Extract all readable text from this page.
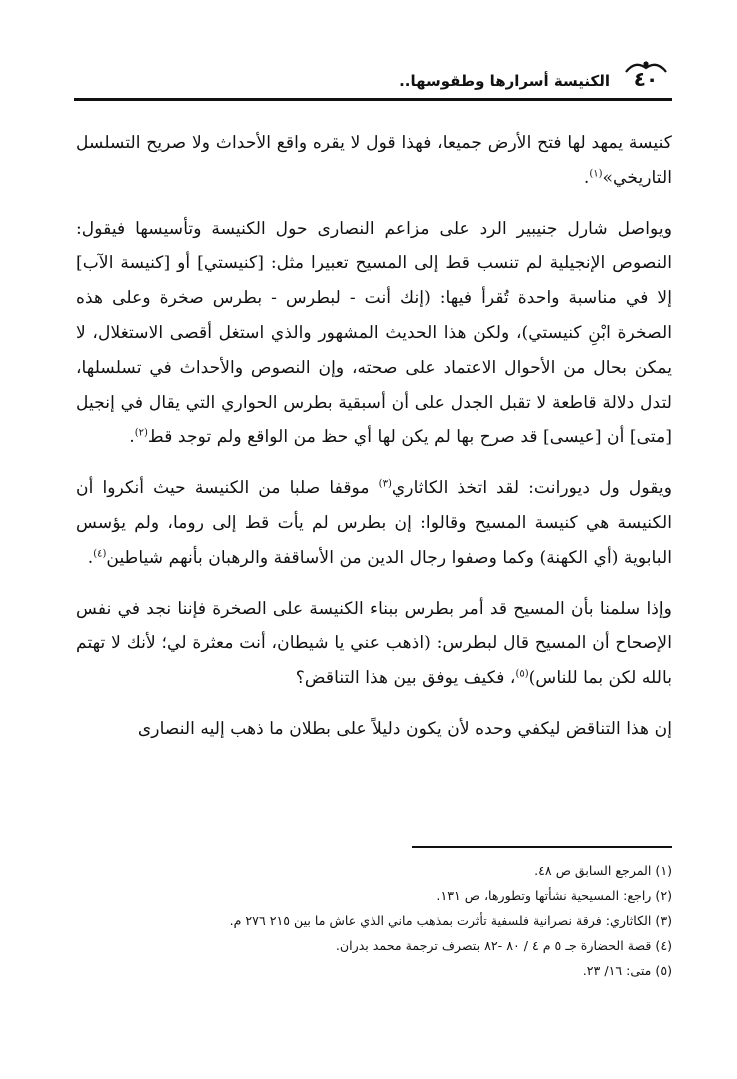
٤٠
الكنيسة أسرارها وطقوسها..

كنيسة يمهد لها فتح الأرض جميعا، فهذا قول لا يقره واقع الأحداث ولا صريح التسلسل التاريخي»$^{(١)}$.

ويواصل شارل جنيبير الرد على مزاعم النصارى حول الكنيسة وتأسيسها فيقول: النصوص الإنجيلية لم تنسب قط إلى المسيح تعبيرا مثل: [كنيستي] أو [كنيسة الآب] إلا في مناسبة واحدة تُقرأ فيها: (إنك أنت - لبطرس - بطرس صخرة وعلى هذه الصخرة ابْنِ كنيستي)، ولكن هذا الحديث المشهور والذي استغل أقصى الاستغلال، لا يمكن بحال من الأحوال الاعتماد على صحته، وإن النصوص والأحداث في تسلسلها، لتدل دلالة قاطعة لا تقبل الجدل على أن أسبقية بطرس الحواري التي يقال في إنجيل [متى] أن [عيسى] قد صرح بها لم يكن لها أي حظ من الواقع ولم توجد قط$^{(٢)}$.

ويقول ول ديورانت: لقد اتخذ الكاثاري$^{(٣)}$ موقفا صلبا من الكنيسة حيث أنكروا أن الكنيسة هي كنيسة المسيح وقالوا: إن بطرس لم يأت قط إلى روما، ولم يؤسس البابوية (أي الكهنة) وكما وصفوا رجال الدين من الأساقفة والرهبان بأنهم شياطين$^{(٤)}$.

وإذا سلمنا بأن المسيح قد أمر بطرس ببناء الكنيسة على الصخرة فإننا نجد في نفس الإصحاح أن المسيح قال لبطرس: (اذهب عني يا شيطان، أنت معثرة لي؛ لأنك لا تهتم بالله لكن بما للناس)$^{(٥)}$، فكيف يوفق بين هذا التناقض؟

إن هذا التناقض ليكفي وحده لأن يكون دليلاً على بطلان ما ذهب إليه النصارى

(١) المرجع السابق ص ٤٨.
(٢) راجع: المسيحية نشأتها وتطورها، ص ١٣١.
(٣) الكاثاري: فرقة نصرانية فلسفية تأثرت بمذهب ماني الذي عاش ما بين ٢١٥ ٢٧٦ م.
(٤) قصة الحضارة جـ ٥ م ٤ / ٨٠ -٨٢ بتصرف ترجمة محمد بدران.
(٥) متى: ١٦/ ٢٣.
